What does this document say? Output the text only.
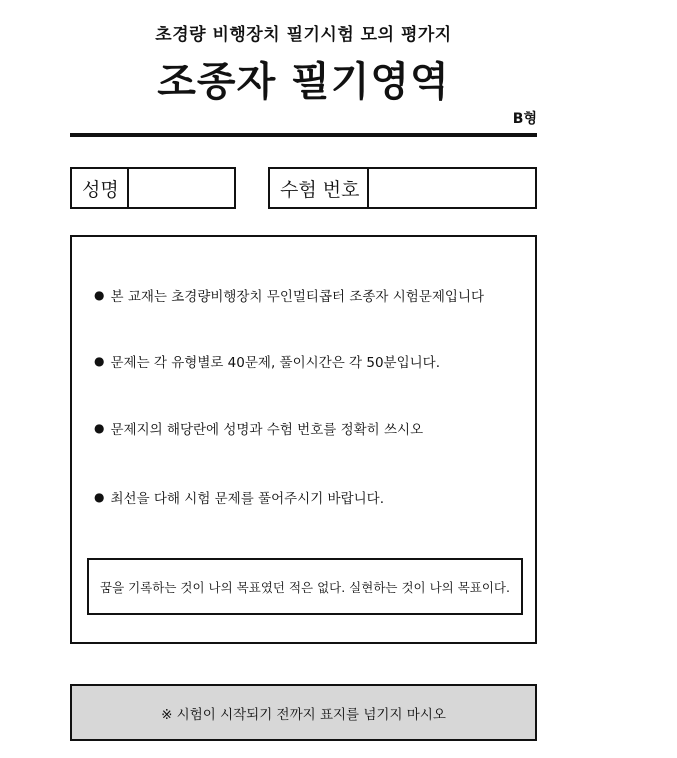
초경량 비행장치 필기시험 모의 평가지
조종자 필기영역
B형
성명	수험 번호
● 본 교재는 초경량비행장치 무인멀티콥터 조종자 시험문제입니다
● 문제는 각 유형별로 40문제, 풀이시간은 각 50분입니다.
● 문제지의 해당란에 성명과 수험 번호를 정확히 쓰시오
● 최선을 다해 시험 문제를 풀어주시기 바랍니다.
꿈을 기록하는 것이 나의 목표였던 적은 없다. 실현하는 것이 나의 목표이다.
※ 시험이 시작되기 전까지 표지를 넘기지 마시오
